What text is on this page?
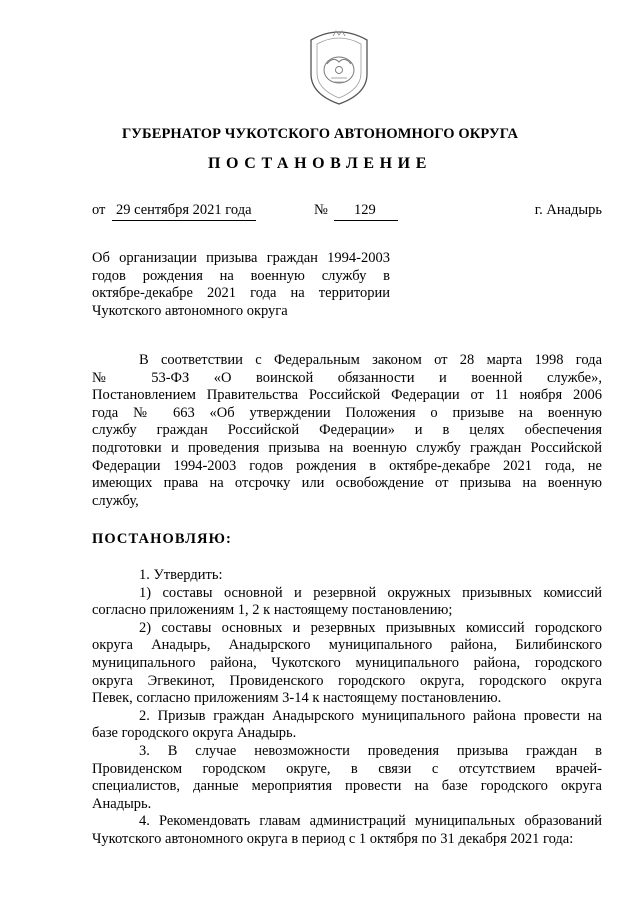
ГУБЕРНАТОР ЧУКОТСКОГО АВТОНОМНОГО ОКРУГА
ПОСТАНОВЛЕНИЕ
от 29 сентября 2021 года	№	129	г. Анадырь
Об организации призыва граждан 1994-2003
годов рождения на военную службу в
октябре-декабре 2021 года на территории
Чукотского автономного округа
В соответствии с Федеральным законом от 28 марта 1998 года
№ 53-ФЗ «О воинской обязанности и военной службе»,
Постановлением Правительства Российской Федерации от 11 ноября 2006
года № 663 «Об утверждении Положения о призыве на военную
службу граждан Российской Федерации» и в целях обеспечения
подготовки и проведения призыва на военную службу граждан Российской
Федерации 1994-2003 годов рождения в октябре-декабре 2021 года, не
имеющих права на отсрочку или освобождение от призыва на военную
службу,
ПОСТАНОВЛЯЮ:
1. Утвердить:
1) составы основной и резервной окружных призывных комиссий
согласно приложениям 1, 2 к настоящему постановлению;
2) составы основных и резервных призывных комиссий городского
округа Анадырь, Анадырского муниципального района, Билибинского
муниципального района, Чукотского муниципального района, городского
округа Эгвекинот, Провиденского городского округа, городского округа
Певек, согласно приложениям 3-14 к настоящему постановлению.
2. Призыв граждан Анадырского муниципального района провести на
базе городского округа Анадырь.
3. В случае невозможности проведения призыва граждан в
Провиденском городском округе, в связи с отсутствием врачей-
специалистов, данные мероприятия провести на базе городского округа
Анадырь.
4. Рекомендовать главам администраций муниципальных образований
Чукотского автономного округа в период с 1 октября по 31 декабря 2021 года:
